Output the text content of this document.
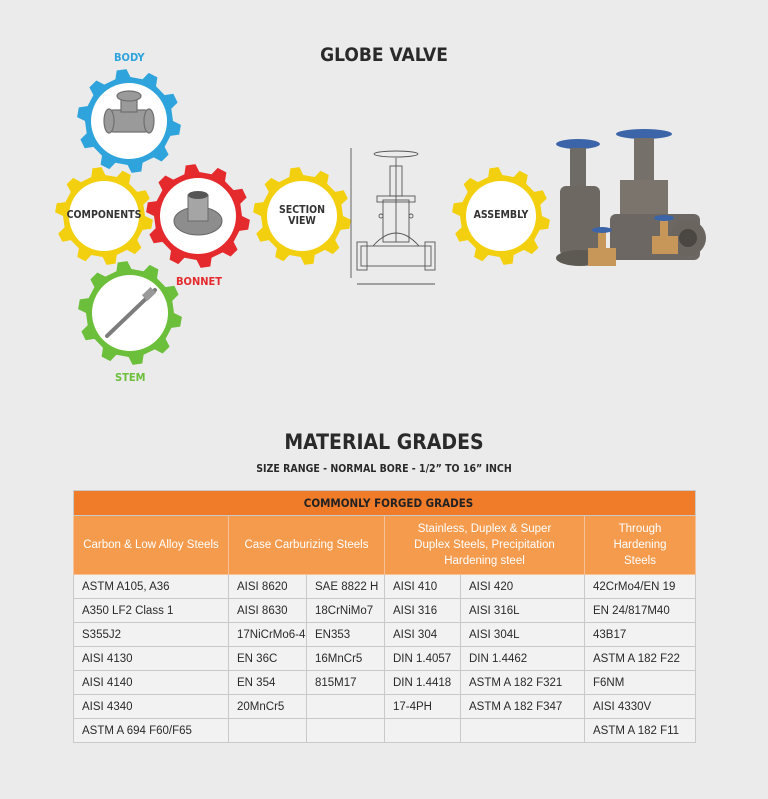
GLOBE VALVE
BODY
COMPONENTS
BONNET
STEM
SECTION
VIEW	ASSEMBLY
MATERIAL GRADES
SIZE RANGE - NORMAL BORE - 1/2” TO 16” INCH
COMMONLY FORGED GRADES					
Carbon & Low Alloy Steels	Case Carburizing Steels		Stainless, Duplex & Super Duplex Steels, Precipitation Hardening steel		Through Hardening Steels
ASTM A105, A36	AISI 8620	SAE 8822 H	AISI 410	AISI 420	42CrMo4/EN 19
A350 LF2 Class 1	AISI 8630	18CrNiMo7	AISI 316	AISI 316L	EN 24/817M40
S355J2	17NiCrMo6-4	EN353	AISI 304	AISI 304L	43B17
AISI 4130	EN 36C	16MnCr5	DIN 1.4057	DIN 1.4462	ASTM A 182 F22
AISI 4140	EN 354	815M17	DIN 1.4418	ASTM A 182 F321	F6NM
AISI 4340	20MnCr5		17-4PH	ASTM A 182 F347	AISI 4330V
ASTM A 694 F60/F65					ASTM A 182 F11
